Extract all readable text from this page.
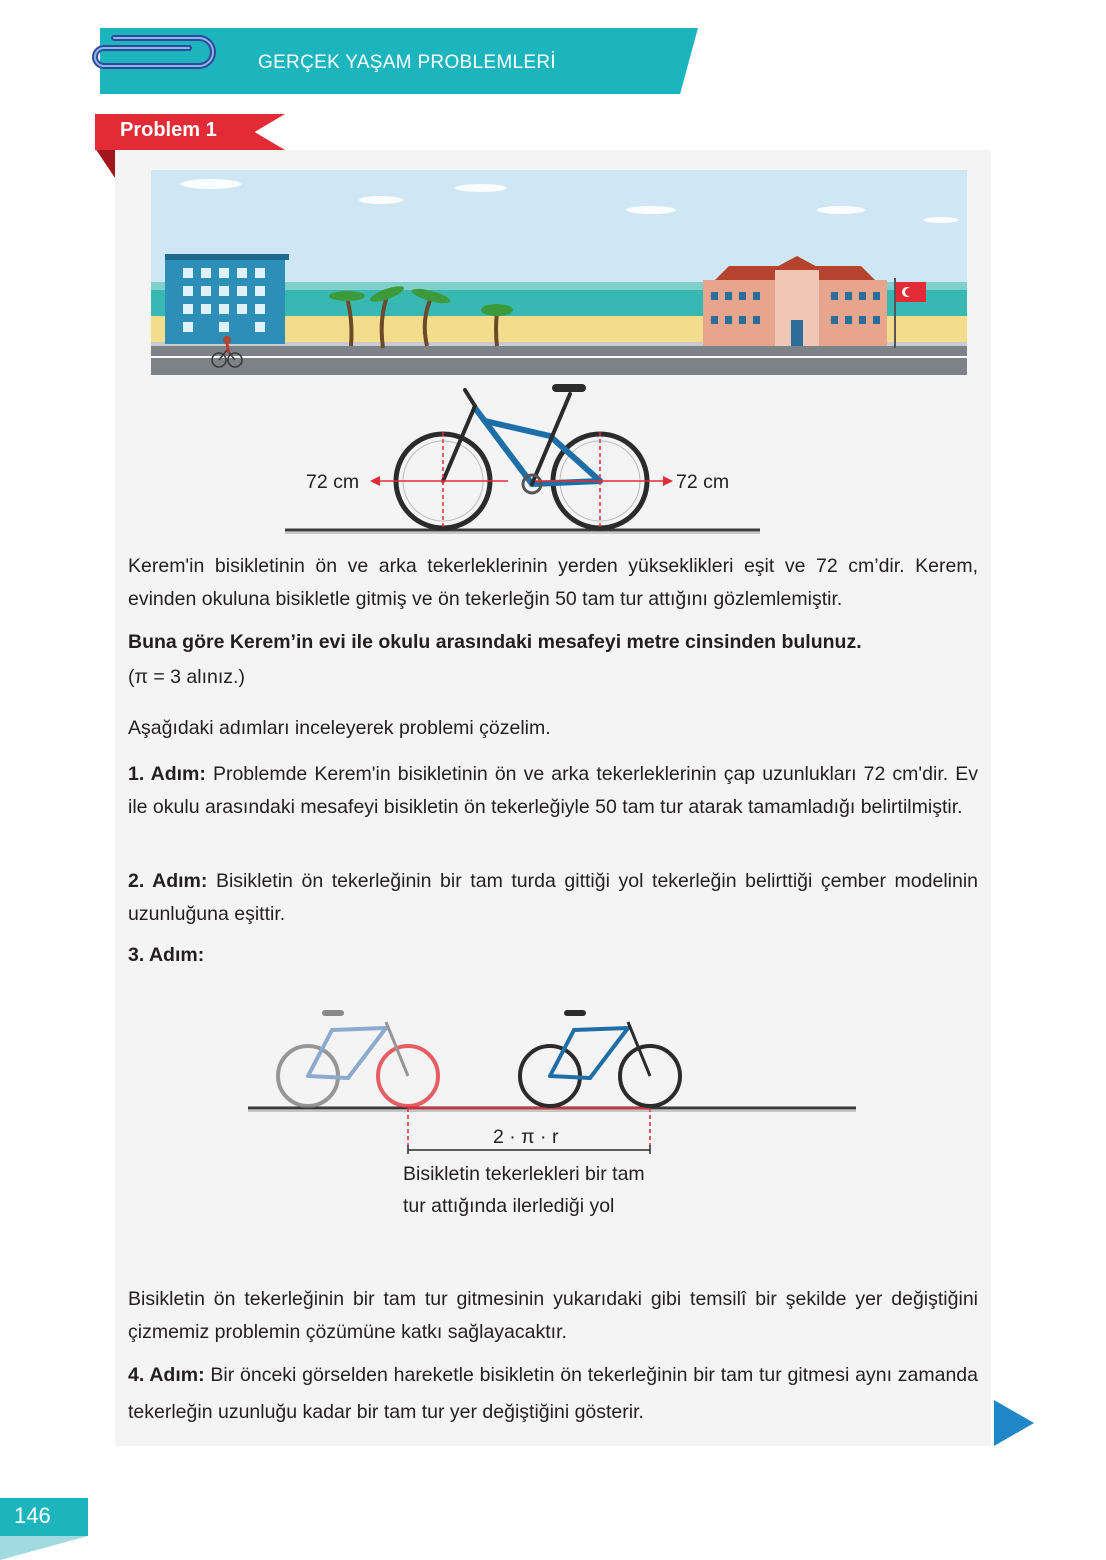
GERÇEK YAŞAM PROBLEMLERİ
Problem 1
72 cm	72 cm

Kerem'in bisikletinin ön ve arka tekerleklerinin yerden yükseklikleri eşit ve 72 cm’dir. Kerem, evinden okuluna bisikletle gitmiş ve ön tekerleğin 50 tam tur attığını gözlemlemiştir.

Buna göre Kerem’in evi ile okulu arasındaki mesafeyi metre cinsinden bulunuz.

(π = 3 alınız.)

Aşağıdaki adımları inceleyerek problemi çözelim.

1. Adım: Problemde Kerem'in bisikletinin ön ve arka tekerleklerinin çap uzunlukları 72 cm'dir. Ev ile okulu arasındaki mesafeyi bisikletin ön tekerleğiyle 50 tam tur atarak tamamladığı belirtilmiştir.

2. Adım: Bisikletin ön tekerleğinin bir tam turda gittiği yol tekerleğin belirttiği çember modelinin uzunluğuna eşittir.

3. Adım:

2 · π · r
Bisikletin tekerlekleri bir tam
tur attığında ilerlediği yol

Bisikletin ön tekerleğinin bir tam tur gitmesinin yukarıdaki gibi temsilî bir şekilde yer değiştiğini çizmemiz problemin çözümüne katkı sağlayacaktır.

4. Adım: Bir önceki görselden hareketle bisikletin ön tekerleğinin bir tam tur gitmesi aynı zamanda tekerleğin uzunluğu kadar bir tam tur yer değiştiğini gösterir.

146
